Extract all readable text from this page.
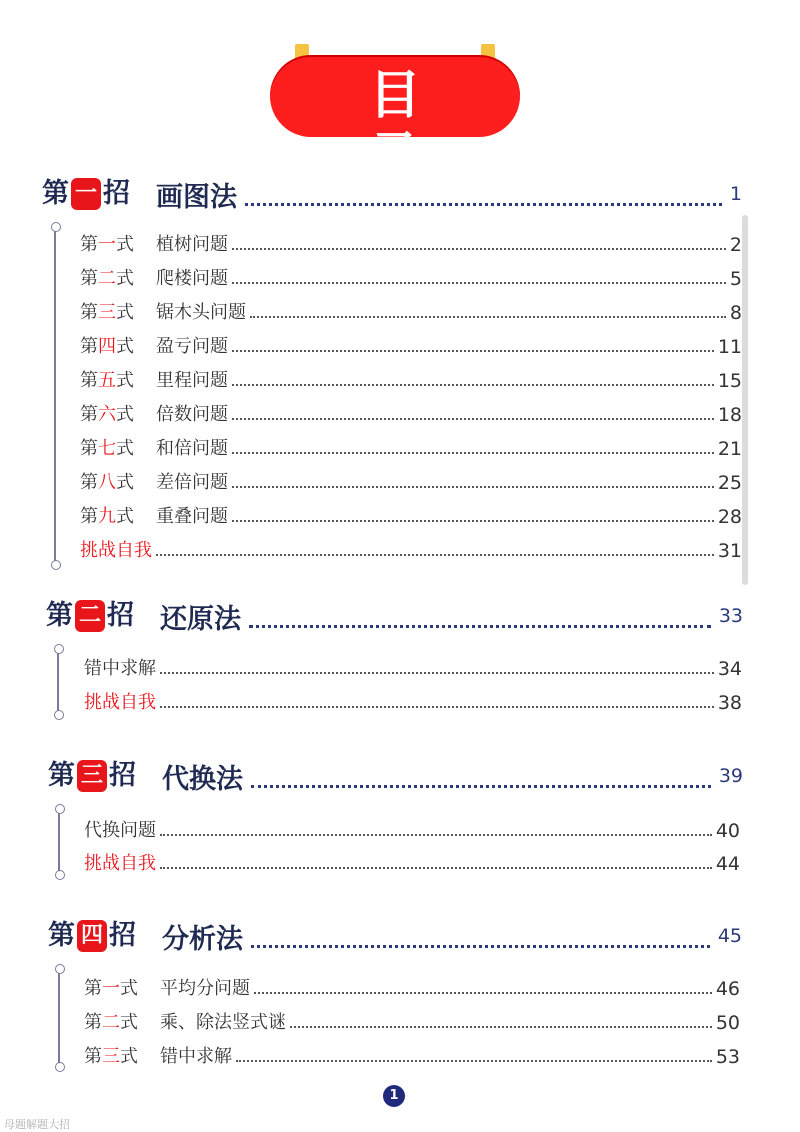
目录
第 一 招 画图法	1
第一式 植树问题	2
第二式 爬楼问题	5
第三式 锯木头问题	8
第四式 盈亏问题	11
第五式 里程问题	15
第六式 倍数问题	18
第七式 和倍问题	21
第八式 差倍问题	25
第九式 重叠问题	28
挑战自我	31
第 二 招 还原法	33
错中求解	34
挑战自我	38
第 三 招 代换法	39
代换问题	40
挑战自我	44
第 四 招 分析法	45
第一式 平均分问题	46
第二式 乘、除法竖式谜	50
第三式 错中求解	53
1
母题解题大招
